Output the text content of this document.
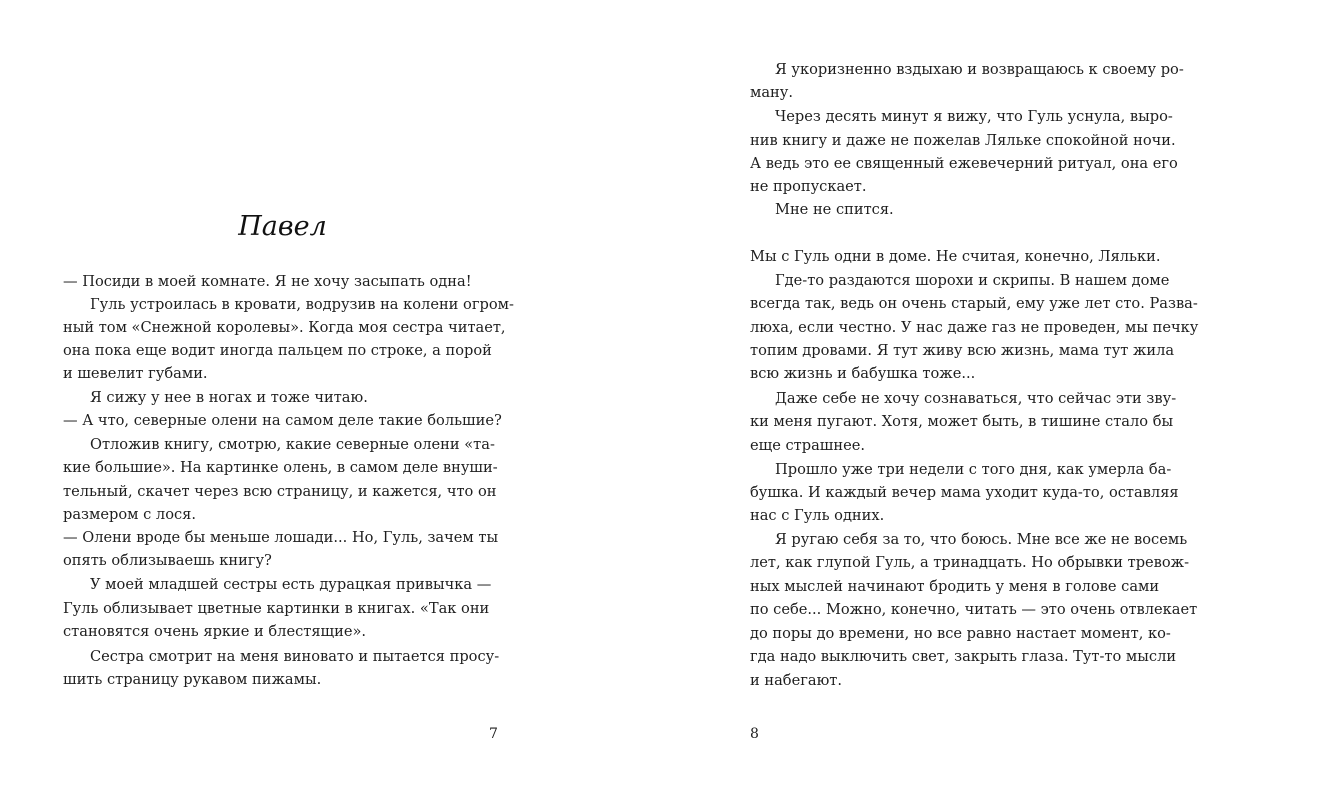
Павел

— Посиди в моей комнате. Я не хочу засыпать одна!

Гуль устроилась в кровати, водрузив на колени огром-

ный том «Снежной королевы». Когда моя сестра читает,

она пока еще водит иногда пальцем по строке, а порой

и шевелит губами.

Я сижу у нее в ногах и тоже читаю.

— А что, северные олени на самом деле такие большие?

Отложив книгу, смотрю, какие северные олени «та-

кие большие». На картинке олень, в самом деле внуши-

тельный, скачет через всю страницу, и кажется, что он

размером с лося.

— Олени вроде бы меньше лошади... Но, Гуль, зачем ты

опять облизываешь книгу?

У моей младшей сестры есть дурацкая привычка —

Гуль облизывает цветные картинки в книгах. «Так они

становятся очень яркие и блестящие».

Сестра смотрит на меня виновато и пытается просу-

шить страницу рукавом пижамы.

7

Я укоризненно вздыхаю и возвращаюсь к своему ро-

ману.

Через десять минут я вижу, что Гуль уснула, выро-

нив книгу и даже не пожелав Ляльке спокойной ночи.

А ведь это ее священный ежевечерний ритуал, она его

не пропускает.

Мне не спится.

Мы с Гуль одни в доме. Не считая, конечно, Ляльки.

Где-то раздаются шорохи и скрипы. В нашем доме

всегда так, ведь он очень старый, ему уже лет сто. Разва-

люха, если честно. У нас даже газ не проведен, мы печку

топим дровами. Я тут живу всю жизнь, мама тут жила

всю жизнь и бабушка тоже...

Даже себе не хочу сознаваться, что сейчас эти зву-

ки меня пугают. Хотя, может быть, в тишине стало бы

еще страшнее.

Прошло уже три недели с того дня, как умерла ба-

бушка. И каждый вечер мама уходит куда-то, оставляя

нас с Гуль одних.

Я ругаю себя за то, что боюсь. Мне все же не восемь

лет, как глупой Гуль, а тринадцать. Но обрывки тревож-

ных мыслей начинают бродить у меня в голове сами

по себе... Можно, конечно, читать — это очень отвлекает

до поры до времени, но все равно настает момент, ко-

гда надо выключить свет, закрыть глаза. Тут-то мысли

и набегают.

8
